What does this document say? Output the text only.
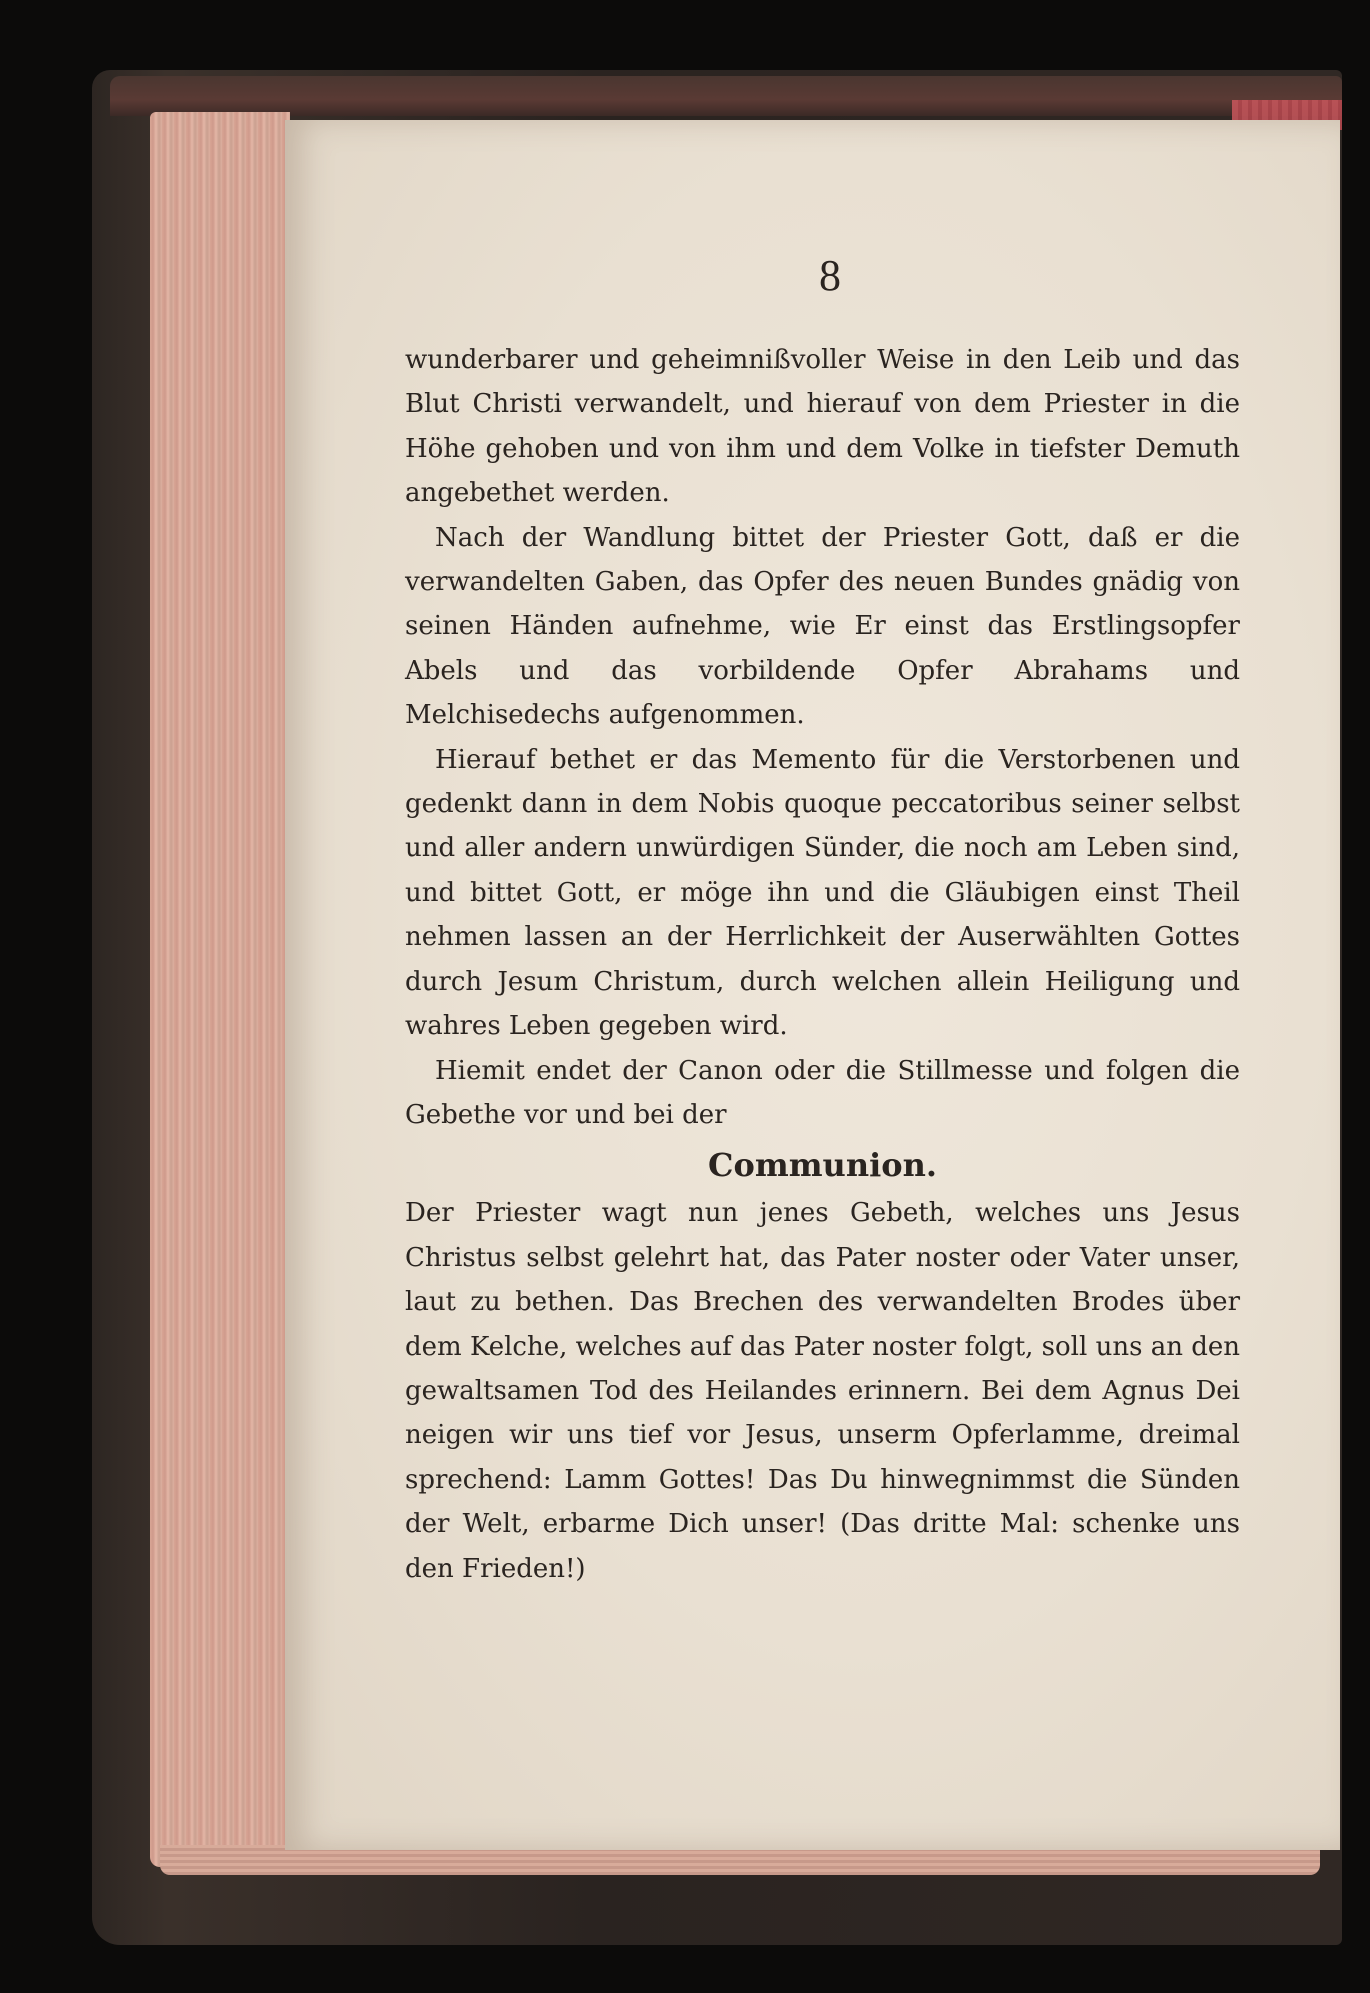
8

wunderbarer und geheimnißvoller Weise in den Leib und das Blut Christi verwandelt, und hierauf von dem Priester in die Höhe gehoben und von ihm und dem Volke in tiefster Demuth angebethet werden.

Nach der Wandlung bittet der Priester Gott, daß er die verwandelten Gaben, das Opfer des neuen Bundes gnädig von seinen Händen aufnehme, wie Er einst das Erstlingsopfer Abels und das vorbildende Opfer Abrahams und Melchisedechs aufgenommen.

Hierauf bethet er das Memento für die Verstorbenen und gedenkt dann in dem Nobis quoque peccatoribus seiner selbst und aller andern unwürdigen Sünder, die noch am Leben sind, und bittet Gott, er möge ihn und die Gläubigen einst Theil nehmen lassen an der Herrlichkeit der Auserwählten Gottes durch Jesum Christum, durch welchen allein Heiligung und wahres Leben gegeben wird.

Hiemit endet der Canon oder die Stillmesse und folgen die Gebethe vor und bei der

Communion.

Der Priester wagt nun jenes Gebeth, welches uns Jesus Christus selbst gelehrt hat, das Pater noster oder Vater unser, laut zu bethen. Das Brechen des verwandelten Brodes über dem Kelche, welches auf das Pater noster folgt, soll uns an den gewaltsamen Tod des Heilandes erinnern. Bei dem Agnus Dei neigen wir uns tief vor Jesus, unserm Opferlamme, dreimal sprechend: Lamm Gottes! Das Du hinwegnimmst die Sünden der Welt, erbarme Dich unser! (Das dritte Mal: schenke uns den Frieden!)
